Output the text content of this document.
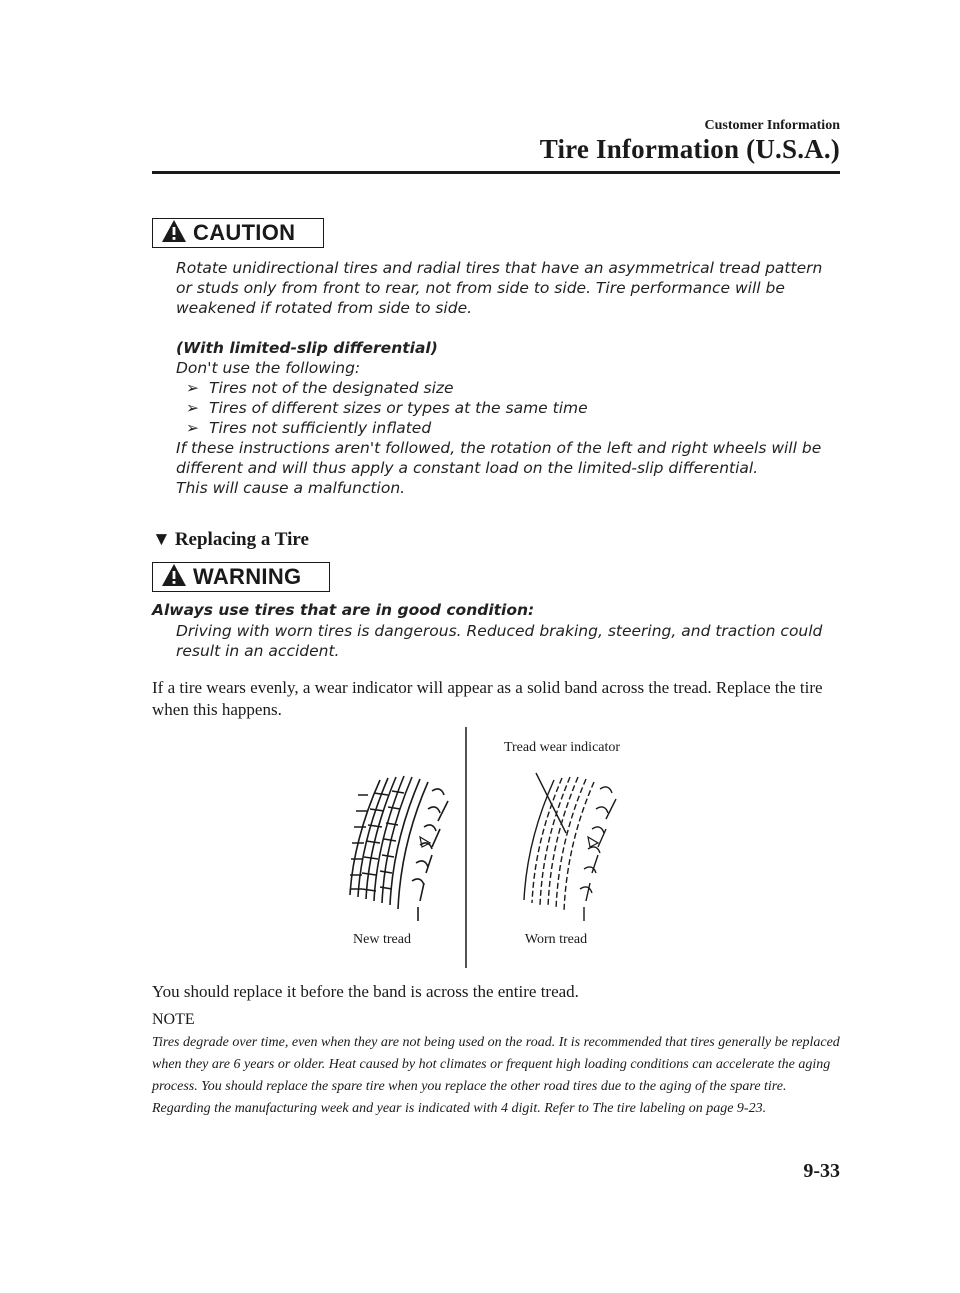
Customer Information
Tire Information (U.S.A.)
CAUTION

Rotate unidirectional tires and radial tires that have an asymmetrical tread pattern or studs only from front to rear, not from side to side. Tire performance will be weakened if rotated from side to side.

(With limited-slip differential)

Don't use the following:

➢ Tires not of the designated size
➢ Tires of different sizes or types at the same time
➢ Tires not sufficiently inflated

If these instructions aren't followed, the rotation of the left and right wheels will be different and will thus apply a constant load on the limited-slip differential.

This will cause a malfunction.

▼ Replacing a Tire
WARNING
Always use tires that are in good condition:
Driving with worn tires is dangerous. Reduced braking, steering, and traction could result in an accident.
If a tire wears evenly, a wear indicator will appear as a solid band across the tread. Replace the tire when this happens.
New tread	Worn tread
Tread wear indicator
You should replace it before the band is across the entire tread.
NOTE
Tires degrade over time, even when they are not being used on the road. It is recommended that tires generally be replaced when they are 6 years or older. Heat caused by hot climates or frequent high loading conditions can accelerate the aging process. You should replace the spare tire when you replace the other road tires due to the aging of the spare tire. Regarding the manufacturing week and year is indicated with 4 digit. Refer to The tire labeling on page 9-23.
9-33
